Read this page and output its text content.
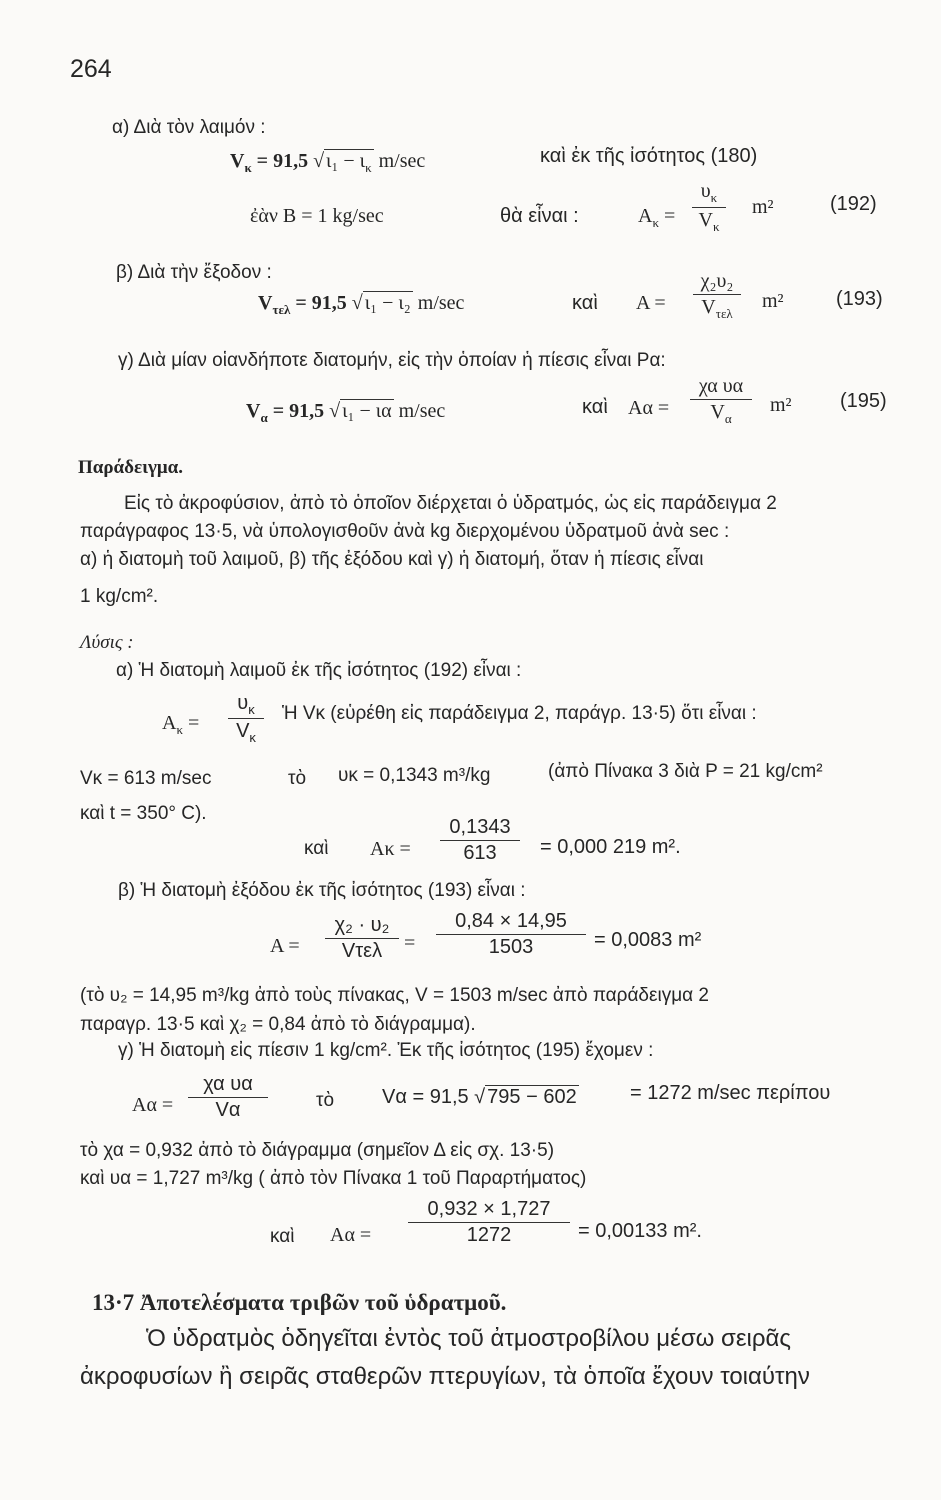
264
α) Διὰ τὸν λαιμόν :
$V_\kappa = 91,5$ √ $\iota_1 - \iota_\kappa$ m/sec	καὶ ἐκ τῆς ἰσότητος (180)
ἐὰν B = 1 kg/sec	θὰ εἶναι :	$A_\kappa = \frac{\upsilon_\kappa}{V_\kappa} m^2$	(192)
β) Διὰ τὴν ἔξοδον :
$V_{\tau\varepsilon\lambda} = 91,5$ √ ι₁ − ι₂ m/sec	καὶ A =
χ₂υ₂
$V_{\tau\varepsilon\lambda}$
m²	(193)
γ) Διὰ μίαν οἱανδήποτε διατομήν, εἰς τὴν ὁποίαν ἡ πίεσις εἶναι Pα:
$V_\alpha = 91,5$ √ ι₁ − ια m/sec	καὶ $A\alpha = \frac{\text{χα υα}}{V_\alpha} m^2$ (195)
Παράδειγμα.
Εἰς τὸ ἀκροφύσιον, ἀπὸ τὸ ὁποῖον διέρχεται ὁ ὑδρατμός, ὡς εἰς παράδειγμα 2
παράγραφος 13·5, νὰ ὑπολογισθοῦν ἀνὰ kg διερχομένου ὑδρατμοῦ ἀνὰ sec :
α) ἡ διατομὴ τοῦ λαιμοῦ, β) τῆς ἐξόδου καὶ γ) ἡ διατομή, ὅταν ἡ πίεσις εἶναι
1 kg/cm².
Λύσις :
α) Ἡ διατομὴ λαιμοῦ ἐκ τῆς ἰσότητος (192) εἶναι :
$A_\kappa = \frac{\upsilon_\kappa}{V_\kappa}$ Ἡ Vκ (εὑρέθη εἰς παράδειγμα 2, παράγρ. 13·5) ὅτι εἶναι :
Vκ = 613 m/sec	τὸ υκ = 0,1343 m³/kg	(ἀπὸ Πίνακα 3 διὰ P = 21 kg/cm²
καὶ t = 350° C).
καὶ $A\kappa = \frac{0,1343}{613} = 0,000$ 219 m².
β) Ἡ διατομὴ ἐξόδου ἐκ τῆς ἰσότητος (193) εἶναι :
A =
χ₂ · υ₂
Vτελ	= $\frac{0,84 \times 14,95}{1503} = 0,0083$ m²
(τὸ υ₂ = 14,95 m³/kg ἀπὸ τοὺς πίνακας, V = 1503 m/sec ἀπὸ παράδειγμα 2
παραγρ. 13·5 καὶ χ₂ = 0,84 ἀπὸ τὸ διάγραμμα).
γ) Ἡ διατομὴ εἰς πίεσιν 1 kg/cm². Ἐκ τῆς ἰσότητος (195) ἔχομεν :
$A\alpha = \frac{\text{χα υα}}{V\alpha}$	τὸ Vα = 91,5 √ 795 − 602	= 1272 m/sec περίπου
τὸ χα = 0,932 ἀπὸ τὸ διάγραμμα (σημεῖον Δ εἰς σχ. 13·5)
καὶ υα = 1,727 m³/kg ( ἀπὸ τὸν Πίνακα 1 τοῦ Παραρτήματος)
καὶ $A\alpha = \frac{0,932 \times 1,727}{1272} = 0,00133$ m².
13·7 Ἀποτελέσματα τριβῶν τοῦ ὑδρατμοῦ.
Ὁ ὑδρατμὸς ὁδηγεῖται ἐντὸς τοῦ ἀτμοστροβίλου μέσω σειρᾶς
ἀκροφυσίων ἢ σειρᾶς σταθερῶν πτερυγίων, τὰ ὁποῖα ἔχουν τοιαύτην
